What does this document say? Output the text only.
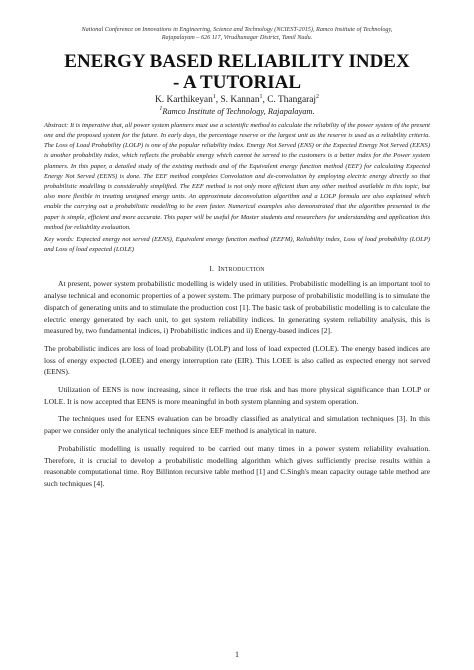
National Conference on Innovations in Engineering, Science and Technology (NCIEST-2015), Ramco Institute of Technology,
Rajapalayam – 626 117, Virudhunagar District, Tamil Nadu.
ENERGY BASED RELIABILITY INDEX
- A TUTORIAL
K. Karthikeyan$^1$, S. Kannan$^1$, C. Thangaraj$^2$
$^1$Ramco Institute of Technology, Rajapalayam.
Abstract: It is imperative that, all power system planners must use a scientific method to calculate the reliability of the power system of the present one and the proposed system for the future. In early days, the percentage reserve or the largest unit as the reserve is used as a reliability criteria. The Loss of Load Probability (LOLP) is one of the popular reliability index. Energy Not Served (ENS) or the Expected Energy Not Served (EENS) is another probability index, which reflects the probable energy which cannot be served to the customers is a better index for the Power system planners. In this paper, a detailed study of the existing methods and of the Equivalent energy function method (EEF) for calculating Expected Energy Not Served (EENS) is done. The EEF method completes Convolution and de-convolution by employing electric energy directly so that probabilistic modelling is considerably simplified. The EEF method is not only more efficient than any other method available in this topic, but also more flexible in treating unsigned energy units. An approximate deconvolution algorithm and a LOLP formula are also explained which enable the carrying out a probabilistic modelling to be even faster. Numerical examples also demonstrated that the algorithm presented in the paper is simple, efficient and more accurate. This paper will be useful for Master students and researchers for understanding and application this method for reliability evaluation.
Key words: Expected energy not served (EENS), Equivalent energy function method (EEFM), Reliability index, Loss of load probability (LOLP) and Loss of load expected (LOLE)
I. INTRODUCTION

At present, power system probabilistic modelling is widely used in utilities. Probabilistic modelling is an important tool to analyse technical and economic properties of a power system. The primary purpose of probabilistic modelling is to simulate the dispatch of generating units and to stimulate the production cost [1]. The basic task of probabilistic modelling is to calculate the electric energy generated by each unit, to get system reliability indices. In generating system reliability analysis, this is measured by, two fundamental indices, i) Probabilistic indices and ii) Energy-based indices [2].

The probabilistic indices are loss of load probability (LOLP) and loss of load expected (LOLE). The energy based indices are loss of energy expected (LOEE) and energy interruption rate (EIR). This LOEE is also called as expected energy not served (EENS).

Utilization of EENS is now increasing, since it reflects the true risk and has more physical significance than LOLP or LOLE. It is now accepted that EENS is more meaningful in both system planning and system operation.

The techniques used for EENS evaluation can be broadly classified as analytical and simulation techniques [3]. In this paper we consider only the analytical techniques since EEF method is analytical in nature.

Probabilistic modelling is usually required to be carried out many times in a power system reliability evaluation. Therefore, it is crucial to develop a probabilistic modelling algorithm which gives sufficiently precise results within a reasonable computational time. Roy Billinton recursive table method [1] and C.Singh's mean capacity outage table method are such techniques [4].

1
